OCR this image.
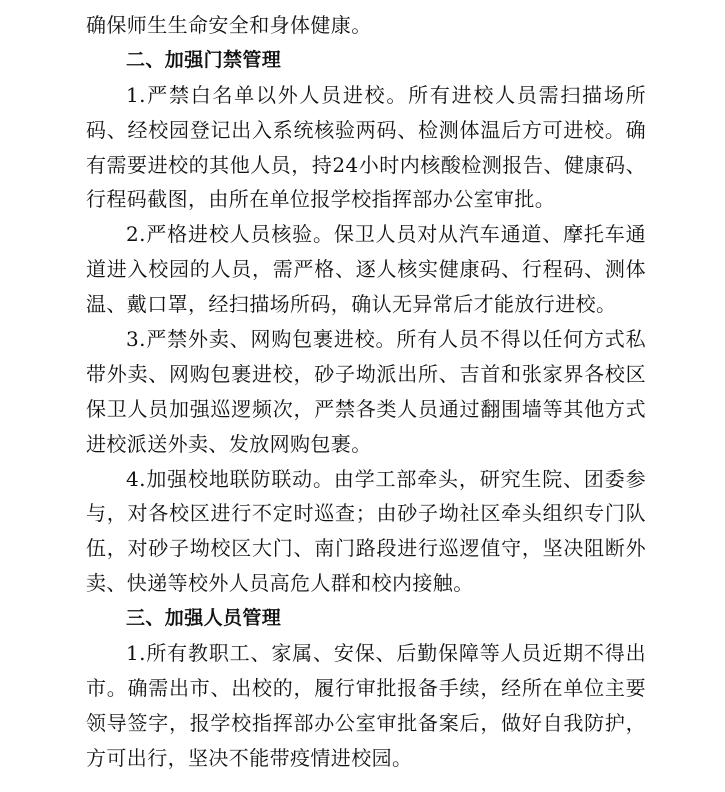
确保师生生命安全和身体健康。
二、加强门禁管理
1.严禁白名单以外人员进校。所有进校人员需扫描场所
码、经校园登记出入系统核验两码、检测体温后方可进校。确
有需要进校的其他人员，持24小时内核酸检测报告、健康码、
行程码截图，由所在单位报学校指挥部办公室审批。
2.严格进校人员核验。保卫人员对从汽车通道、摩托车通
道进入校园的人员，需严格、逐人核实健康码、行程码、测体
温、戴口罩，经扫描场所码，确认无异常后才能放行进校。
3.严禁外卖、网购包裹进校。所有人员不得以任何方式私
带外卖、网购包裹进校，砂子坳派出所、吉首和张家界各校区
保卫人员加强巡逻频次，严禁各类人员通过翻围墙等其他方式
进校派送外卖、发放网购包裹。
4.加强校地联防联动。由学工部牵头，研究生院、团委参
与，对各校区进行不定时巡查；由砂子坳社区牵头组织专门队
伍，对砂子坳校区大门、南门路段进行巡逻值守，坚决阻断外
卖、快递等校外人员高危人群和校内接触。
三、加强人员管理
1.所有教职工、家属、安保、后勤保障等人员近期不得出
市。确需出市、出校的，履行审批报备手续，经所在单位主要
领导签字，报学校指挥部办公室审批备案后，做好自我防护，
方可出行，坚决不能带疫情进校园。
